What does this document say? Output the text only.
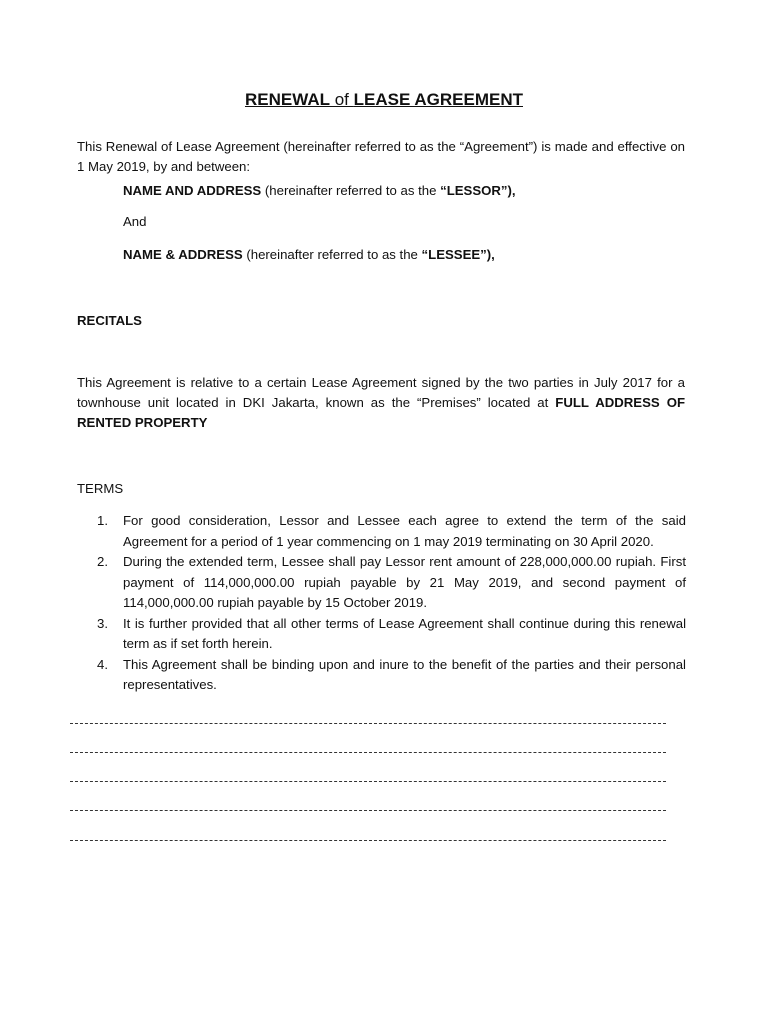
RENEWAL of LEASE AGREEMENT
This Renewal of Lease Agreement (hereinafter referred to as the “Agreement”) is made and effective on 1 May 2019, by and between:
NAME AND ADDRESS (hereinafter referred to as the “LESSOR”),
And
NAME & ADDRESS (hereinafter referred to as the “LESSEE”),
RECITALS
This Agreement is relative to a certain Lease Agreement signed by the two parties in July 2017 for a townhouse unit located in DKI Jakarta, known as the “Premises” located at FULL ADDRESS OF RENTED PROPERTY
TERMS
1. For good consideration, Lessor and Lessee each agree to extend the term of the said Agreement for a period of 1 year commencing on 1 may 2019 terminating on 30 April 2020.
2. During the extended term, Lessee shall pay Lessor rent amount of 228,000,000.00 rupiah. First payment of 114,000,000.00 rupiah payable by 21 May 2019, and second payment of 114,000,000.00 rupiah payable by 15 October 2019.
3. It is further provided that all other terms of Lease Agreement shall continue during this renewal term as if set forth herein.
4. This Agreement shall be binding upon and inure to the benefit of the parties and their personal representatives.
